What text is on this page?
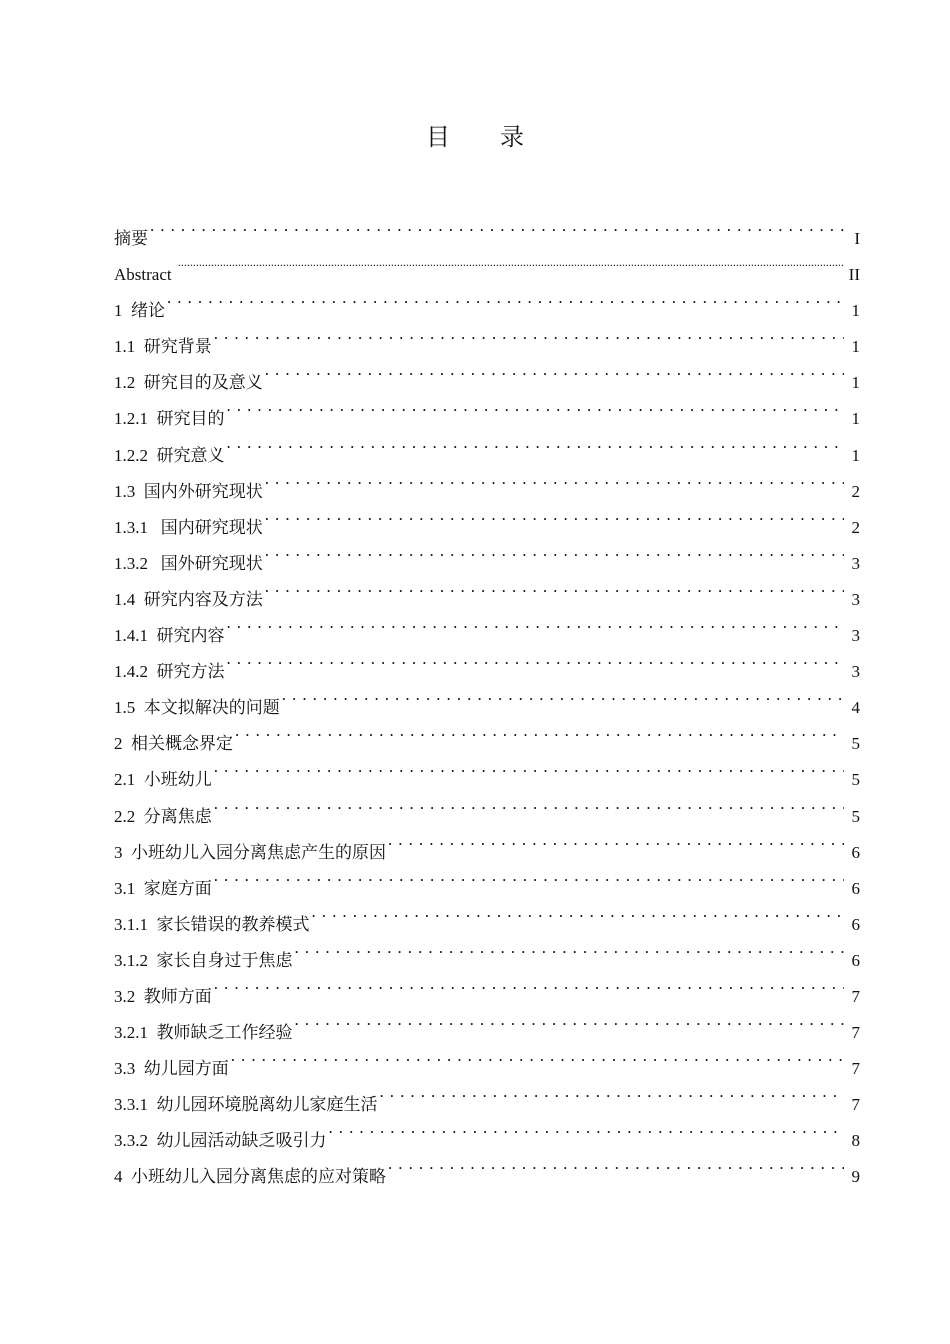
目 录
摘要 . . .	I
Abstract .....	II
1  绪论 . . .	1
1.1  研究背景 . . .	1
1.2  研究目的及意义 . . .	1
1.2.1  研究目的 . . .	1
1.2.2  研究意义 . . .	1
1.3  国内外研究现状 . . .	2
1.3.1   国内研究现状 . . .	2
1.3.2   国外研究现状 . . .	3
1.4  研究内容及方法 . . .	3
1.4.1  研究内容 . . .	3
1.4.2  研究方法 . . .	3
1.5  本文拟解决的问题 . . .	4
2  相关概念界定 . . .	5
2.1  小班幼儿 . . .	5
2.2  分离焦虑 . . .	5
3  小班幼儿入园分离焦虑产生的原因 . . .	6
3.1  家庭方面 . . .	6
3.1.1  家长错误的教养模式 . . .	6
3.1.2  家长自身过于焦虑 . . .	6
3.2  教师方面 . . .	7
3.2.1  教师缺乏工作经验 . . .	7
3.3  幼儿园方面 . . .	7
3.3.1  幼儿园环境脱离幼儿家庭生活 . . .	7
3.3.2  幼儿园活动缺乏吸引力 . . .	8
4  小班幼儿入园分离焦虑的应对策略 . . .	9
